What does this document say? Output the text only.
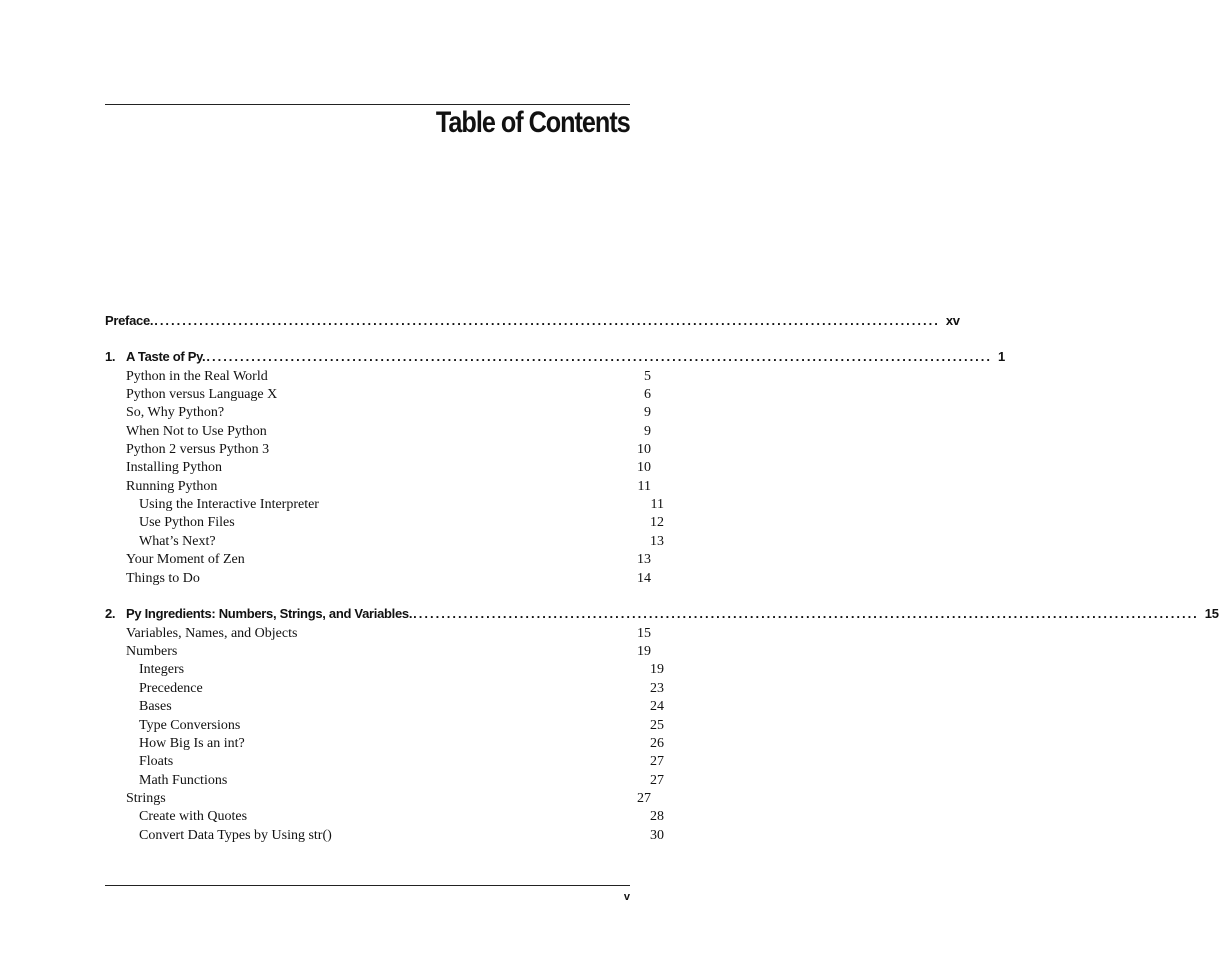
Table of Contents
Preface. ............................................................................................................................................ xv
1. A Taste of Py. ............................................................................................................................................ 1
Python in the Real World	5
Python versus Language X	6
So, Why Python?	9
When Not to Use Python	9
Python 2 versus Python 3	10
Installing Python	10
Running Python	11
Using the Interactive Interpreter	11
Use Python Files	12
What’s Next?	13
Your Moment of Zen	13
Things to Do	14
2. Py Ingredients: Numbers, Strings, and Variables. ............................................................................................................................................ 15
Variables, Names, and Objects	15
Numbers	19
Integers	19
Precedence	23
Bases	24
Type Conversions	25
How Big Is an int?	26
Floats	27
Math Functions	27
Strings	27
Create with Quotes	28
Convert Data Types by Using str()	30
v
